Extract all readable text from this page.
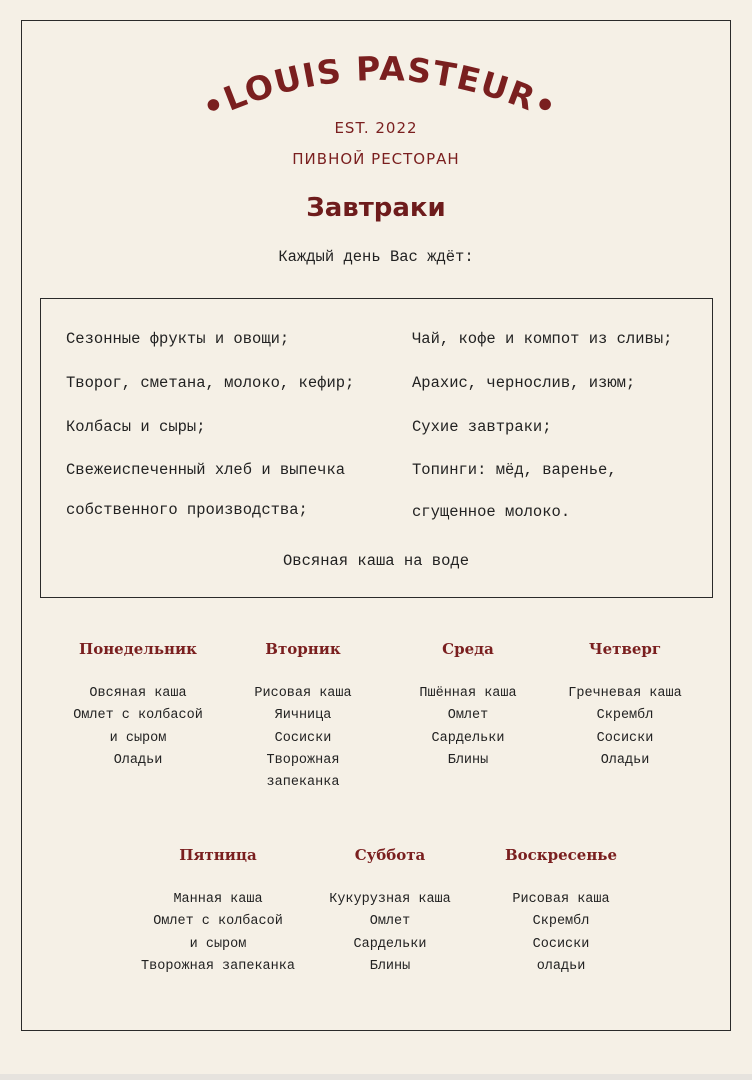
•LOUIS PASTEUR•
EST. 2022
ПИВНОЙ РЕСТОРАН
Завтраки
Каждый день Вас ждёт:
Сезонные фрукты и овощи;
Творог, сметана, молоко, кефир;
Колбасы и сыры;
Свежеиспеченный хлеб и выпечка
собственного производства;
Чай, кофе и компот из сливы;
Арахис, чернослив, изюм;
Сухие завтраки;
Топинги: мёд, варенье,
сгущенное молоко.
Овсяная каша на воде
Понедельник
Овсяная каша
Омлет с колбасой
и сыром
Оладьи
Вторник
Рисовая каша
Яичница
Сосиски
Творожная
запеканка
Среда
Пшённая каша
Омлет
Сардельки
Блины
Четверг
Гречневая каша
Скрембл
Сосиски
Оладьи
Пятница
Манная каша
Омлет с колбасой
и сыром
Творожная запеканка
Суббота
Кукурузная каша
Омлет
Сардельки
Блины
Воскресенье
Рисовая каша
Скрембл
Сосиски
оладьи
